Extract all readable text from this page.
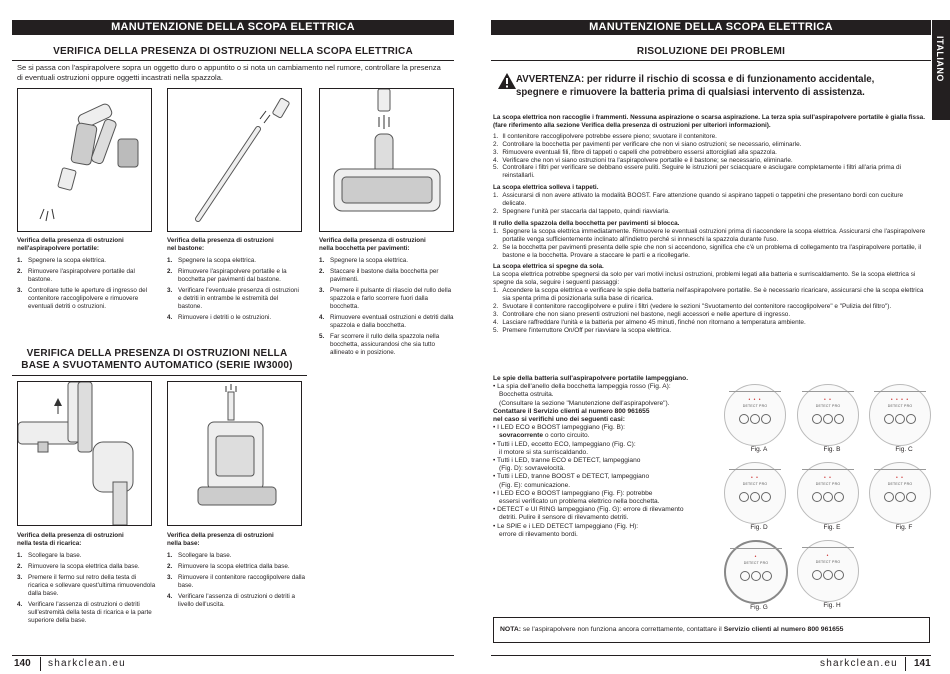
MANUTENZIONE DELLA SCOPA ELETTRICA
VERIFICA DELLA PRESENZA DI OSTRUZIONI NELLA SCOPA ELETTRICA
Se si passa con l'aspirapolvere sopra un oggetto duro o appuntito o si nota un cambiamento nel rumore, controllare la presenza di eventuali ostruzioni oppure oggetti incastrati nella spazzola.
Verifica della presenza di ostruzioni
nell'aspirapolvere portatile:
1. Spegnere la scopa elettrica.
2. Rimuovere l'aspirapolvere portatile dal bastone.
3. Controllare tutte le aperture di ingresso del contenitore raccoglipolvere e rimuovere eventuali detriti o ostruzioni.
Verifica della presenza di ostruzioni
nel bastone:
1. Spegnere la scopa elettrica.
2. Rimuovere l'aspirapolvere portatile e la bocchetta per pavimenti dal bastone.
3. Verificare l'eventuale presenza di ostruzioni e detriti in entrambe le estremità del bastone.
4. Rimuovere i detriti o le ostruzioni.
Verifica della presenza di ostruzioni
nella bocchetta per pavimenti:
1. Spegnere la scopa elettrica.
2. Staccare il bastone dalla bocchetta per pavimenti.
3. Premere il pulsante di rilascio del rullo della spazzola e farlo scorrere fuori dalla bocchetta.
4. Rimuovere eventuali ostruzioni e detriti dalla spazzola e dalla bocchetta.
5. Far scorrere il rullo della spazzola nella bocchetta, assicurandosi che sia tutto allineato e in posizione.
VERIFICA DELLA PRESENZA DI OSTRUZIONI NELLA
BASE A SVUOTAMENTO AUTOMATICO (SERIE IW3000)
Verifica della presenza di ostruzioni
nella testa di ricarica:
1. Scollegare la base.
2. Rimuovere la scopa elettrica dalla base.
3. Premere il fermo sul retro della testa di ricarica e sollevare quest'ultima rimuovendola dalla base.
4. Verificare l'assenza di ostruzioni o detriti sull'estremità della testa di ricarica e la parte superiore della base.
Verifica della presenza di ostruzioni
nella base:
1. Scollegare la base.
2. Rimuovere la scopa elettrica dalla base.
3. Rimuovere il contenitore raccoglipolvere dalla base.
4. Verificare l'assenza di ostruzioni o detriti a livello dell'uscita.
140 sharkclean.eu
MANUTENZIONE DELLA SCOPA ELETTRICA
ITALIANO
RISOLUZIONE DEI PROBLEMI
AVVERTENZA: per ridurre il rischio di scossa e di funzionamento accidentale,
spegnere e rimuovere la batteria prima di qualsiasi intervento di assistenza.
La scopa elettrica non raccoglie i frammenti. Nessuna aspirazione o scarsa aspirazione. La terza spia sull'aspirapolvere portatile è gialla fissa.
(fare riferimento alla sezione Verifica della presenza di ostruzioni per ulteriori informazioni).
1. Il contenitore raccoglipolvere potrebbe essere pieno; svuotare il contenitore.
2. Controllare la bocchetta per pavimenti per verificare che non vi siano ostruzioni; se necessario, eliminarle.
3. Rimuovere eventuali fili, fibre di tappeti o capelli che potrebbero essersi attorcigliati alla spazzola.
4. Verificare che non vi siano ostruzioni tra l'aspirapolvere portatile e il bastone; se necessario, eliminarle.
5. Controllare i filtri per verificare se debbano essere puliti. Seguire le istruzioni per sciacquare e asciugare completamente i filtri all'aria prima di reinstallarli.
La scopa elettrica solleva i tappeti.
1. Assicurarsi di non avere attivato la modalità BOOST. Fare attenzione quando si aspirano tappeti o tappetini che presentano bordi con cuciture delicate.
2. Spegnere l'unità per staccarla dal tappeto, quindi riavviarla.
Il rullo della spazzola della bocchetta per pavimenti si blocca.
1. Spegnere la scopa elettrica immediatamente. Rimuovere le eventuali ostruzioni prima di riaccendere la scopa elettrica. Assicurarsi che l'aspirapolvere portatile venga sufficientemente inclinato all'indietro perché si innneschi la spazzola durante l'uso.
2. Se la bocchetta per pavimenti presenta delle spie che non si accendono, significa che c'è un problema di collegamento tra l'aspirapolvere portatile, il bastone e la bocchetta. Provare a staccare le parti e a ricollegarle.
La scopa elettrica si spegne da sola.
La scopa elettrica potrebbe spegnersi da solo per vari motivi inclusi ostruzioni, problemi legati alla batteria e surriscaldamento. Se la scopa elettrica si spegne da sola, seguire i seguenti passaggi:
1. Accendere la scopa elettrica e verificare le spie della batteria nell'aspirapolvere portatile. Se è necessario ricaricare, assicurarsi che la scopa elettrica sia spenta prima di posizionarla sulla base di ricarica.
2. Svuotare il contenitore raccoglipolvere e pulire i filtri (vedere le sezioni "Svuotamento del contenitore raccoglipolvere" e "Pulizia del filtro").
3. Controllare che non siano presenti ostruzioni nel bastone, negli accessori e nelle aperture di ingresso.
4. Lasciare raffreddare l'unità e la batteria per almeno 45 minuti, finché non ritornano a temperatura ambiente.
5. Premere l'interruttore On/Off per riavviare la scopa elettrica.
Le spie della batteria sull'aspirapolvere portatile lampeggiano.
• La spia dell'anello della bocchetta lampeggia rosso (Fig. A):
Bocchetta ostruita.
(Consultare la sezione "Manutenzione dell'aspirapolvere").
Contattare il Servizio clienti al numero 800 961655
nel caso si verifichi uno dei seguenti casi:
• I LED ECO e BOOST lampeggiano (Fig. B):
sovracorrente o corto circuito.
• Tutti i LED, eccetto ECO, lampeggiano (Fig. C):
il motore si sta surriscaldando.
• Tutti i LED, tranne ECO e DETECT, lampeggiano
(Fig. D): sovravelocità.
• Tutti i LED, tranne BOOST e DETECT, lampeggiano
(Fig. E): comunicazione.
• I LED ECO e BOOST lampeggiano (Fig. F): potrebbe
essersi verificato un problema elettrico nella bocchetta.
• DETECT e UI RING lampeggiano (Fig. G): errore di rilevamento
detriti. Pulire il sensore di rilevamento detriti.
• Le SPIE e i LED DETECT lampeggiano (Fig. H):
errore di rilevamento bordi.
• • •
DETECT PRO
Fig. A
• •
DETECT PRO
Fig. B
• • • •
DETECT PRO
Fig. C
• •
DETECT PRO
Fig. D
• •
DETECT PRO
Fig. E
• •
DETECT PRO
Fig. F
•
DETECT PRO
Fig. G
•
DETECT PRO
Fig. H
NOTA: se l'aspirapolvere non funziona ancora correttamente, contattare il Servizio clienti al numero 800 961655
sharkclean.eu 141
